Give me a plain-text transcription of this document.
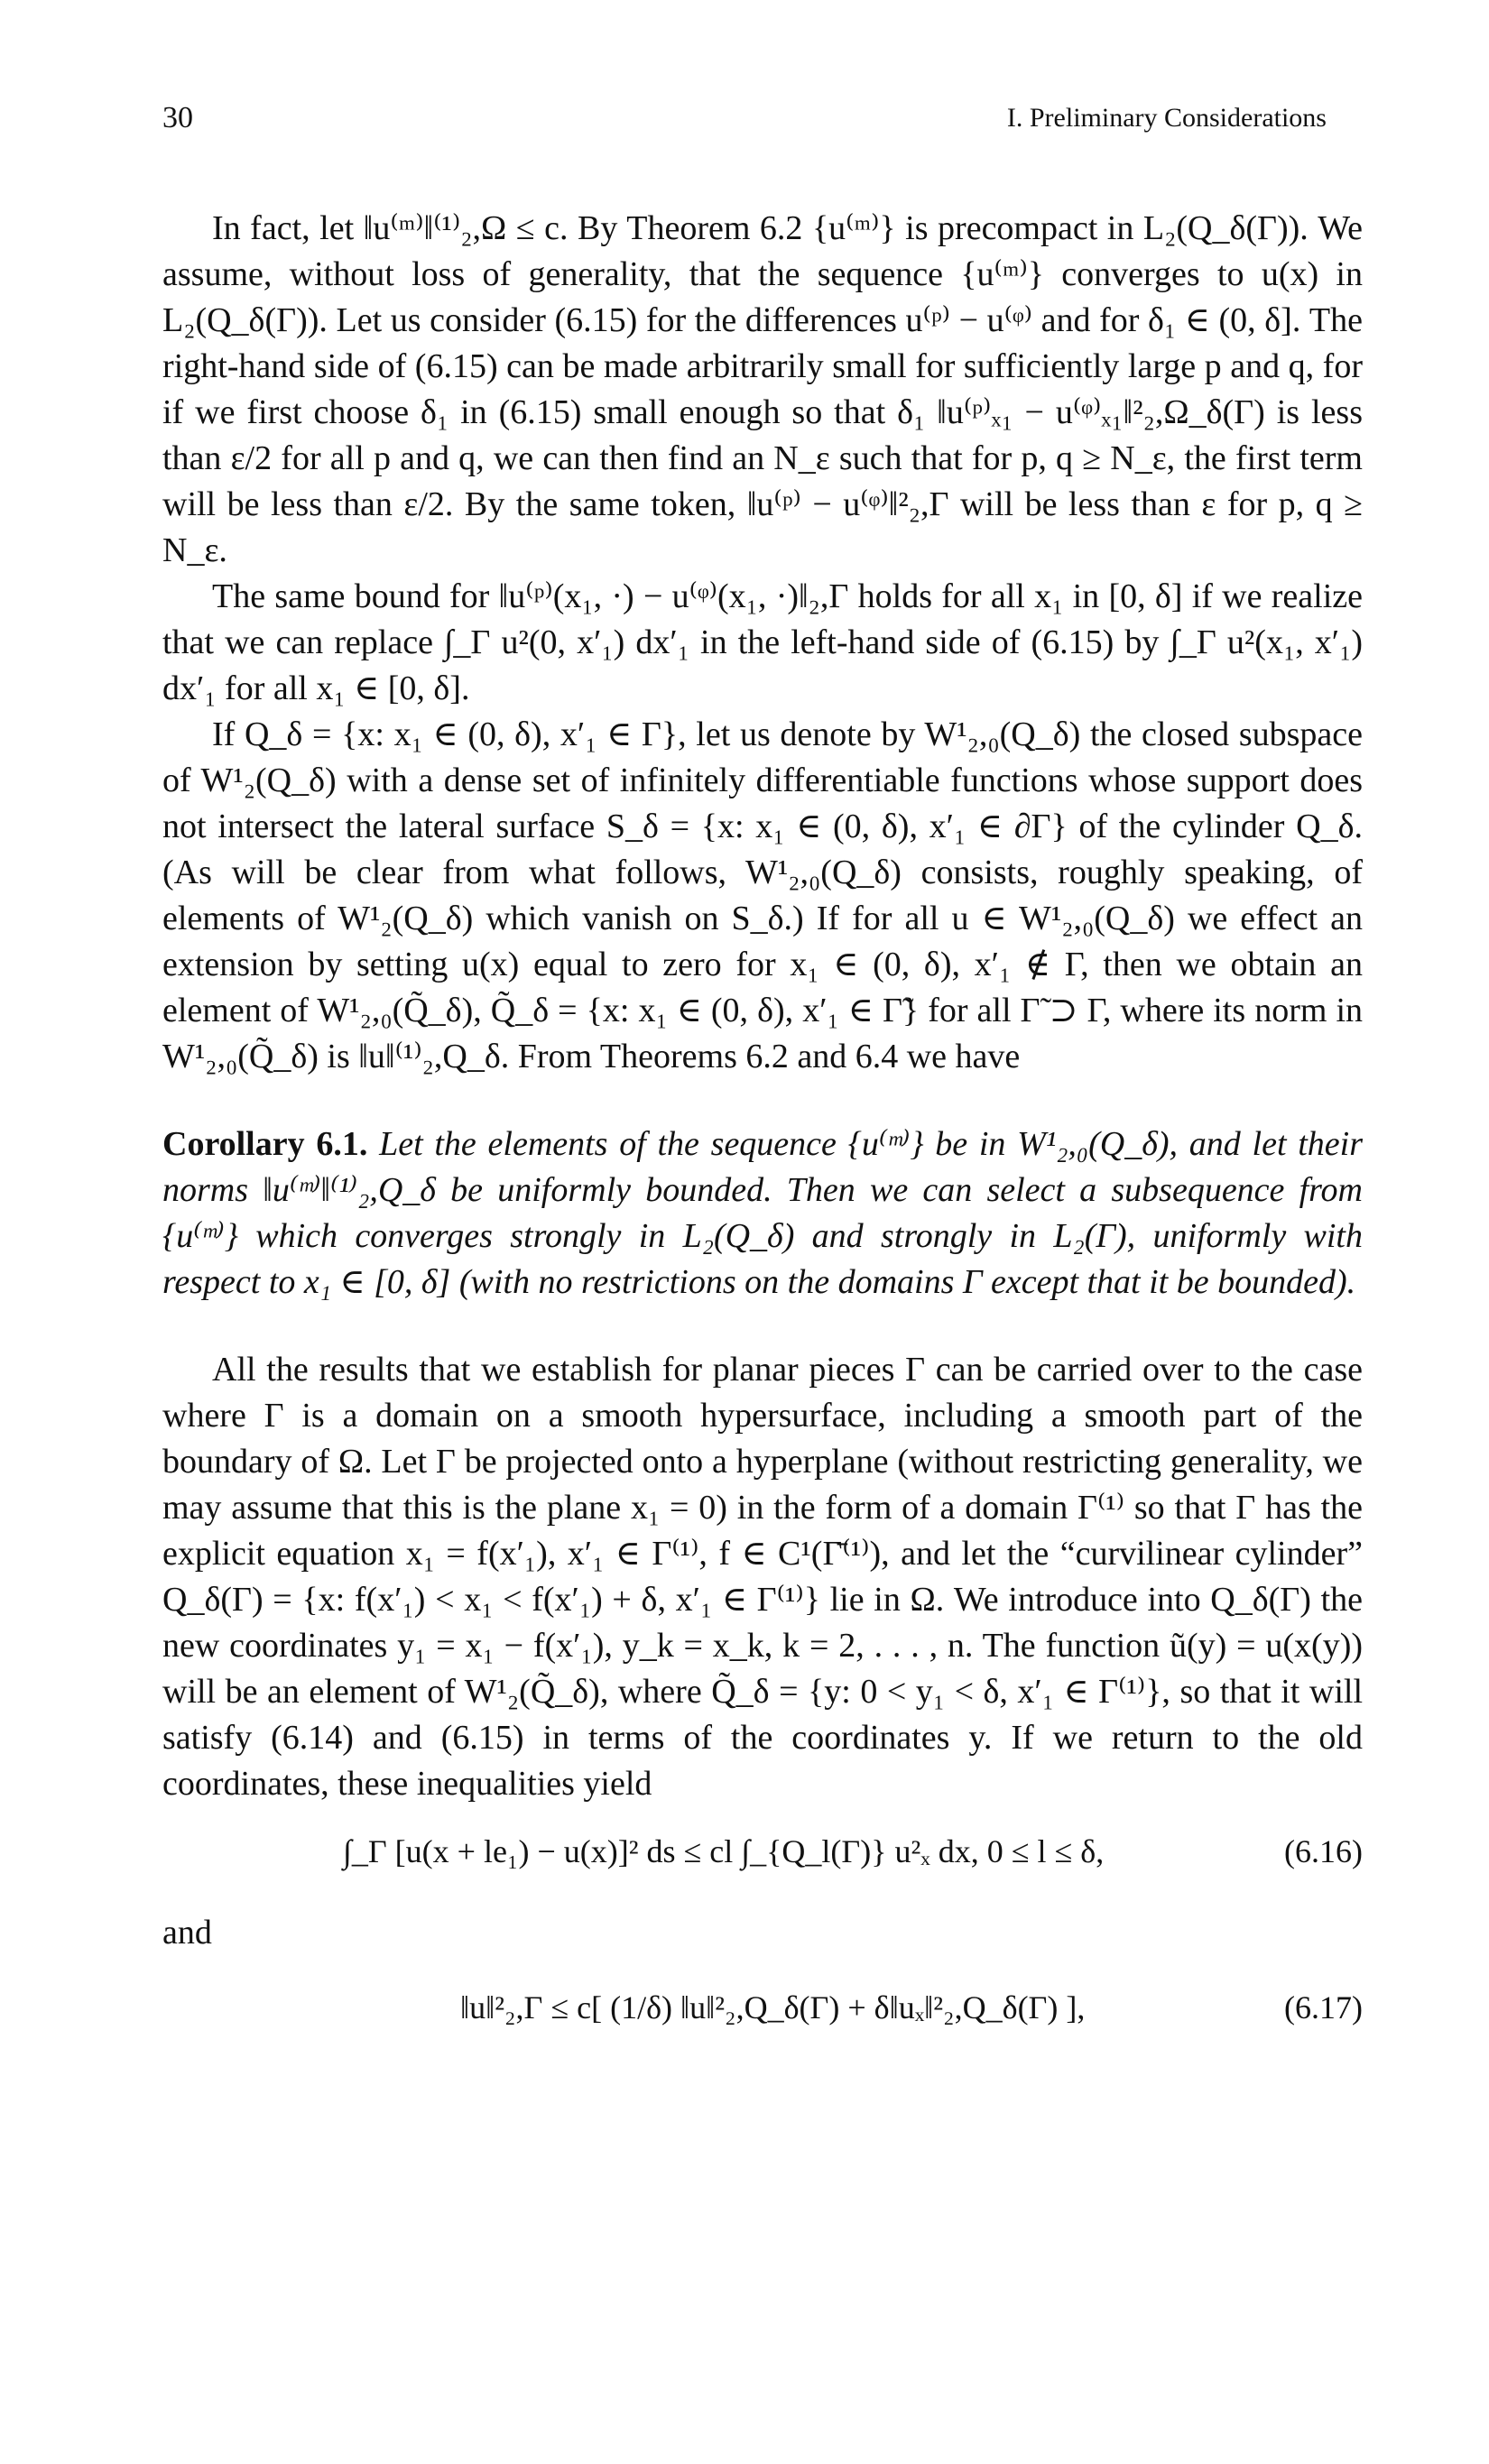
30	I. Preliminary Considerations

In fact, let ‖u⁽ᵐ⁾‖⁽¹⁾₂,Ω ≤ c. By Theorem 6.2 {u⁽ᵐ⁾} is precompact in L₂(Q_δ(Γ)). We assume, without loss of generality, that the sequence {u⁽ᵐ⁾} converges to u(x) in L₂(Q_δ(Γ)). Let us consider (6.15) for the differences u⁽ᵖ⁾ − u⁽ᵠ⁾ and for δ₁ ∈ (0, δ]. The right-hand side of (6.15) can be made arbitrarily small for sufficiently large p and q, for if we first choose δ₁ in (6.15) small enough so that δ₁ ‖u⁽ᵖ⁾ₓ₁ − u⁽ᵠ⁾ₓ₁‖²₂,Ω_δ(Γ) is less than ε/2 for all p and q, we can then find an N_ε such that for p, q ≥ N_ε, the first term will be less than ε/2. By the same token, ‖u⁽ᵖ⁾ − u⁽ᵠ⁾‖²₂,Γ will be less than ε for p, q ≥ N_ε.

The same bound for ‖u⁽ᵖ⁾(x₁, ·) − u⁽ᵠ⁾(x₁, ·)‖₂,Γ holds for all x₁ in [0, δ] if we realize that we can replace ∫_Γ u²(0, x′₁) dx′₁ in the left-hand side of (6.15) by ∫_Γ u²(x₁, x′₁) dx′₁ for all x₁ ∈ [0, δ].

If Q_δ = {x: x₁ ∈ (0, δ), x′₁ ∈ Γ}, let us denote by W¹₂,₀(Q_δ) the closed subspace of W¹₂(Q_δ) with a dense set of infinitely differentiable functions whose support does not intersect the lateral surface S_δ = {x: x₁ ∈ (0, δ), x′₁ ∈ ∂Γ} of the cylinder Q_δ. (As will be clear from what follows, W¹₂,₀(Q_δ) consists, roughly speaking, of elements of W¹₂(Q_δ) which vanish on S_δ.) If for all u ∈ W¹₂,₀(Q_δ) we effect an extension by setting u(x) equal to zero for x₁ ∈ (0, δ), x′₁ ∉ Γ, then we obtain an element of W¹₂,₀(Q̃_δ), Q̃_δ = {x: x₁ ∈ (0, δ), x′₁ ∈ Γ̃} for all Γ̃ ⊃ Γ, where its norm in W¹₂,₀(Q̃_δ) is ‖u‖⁽¹⁾₂,Q_δ. From Theorems 6.2 and 6.4 we have

Corollary 6.1. Let the elements of the sequence {u⁽ᵐ⁾} be in W¹₂,₀(Q_δ), and let their norms ‖u⁽ᵐ⁾‖⁽¹⁾₂,Q_δ be uniformly bounded. Then we can select a subsequence from {u⁽ᵐ⁾} which converges strongly in L₂(Q_δ) and strongly in L₂(Γ), uniformly with respect to x₁ ∈ [0, δ] (with no restrictions on the domains Γ except that it be bounded).

All the results that we establish for planar pieces Γ can be carried over to the case where Γ is a domain on a smooth hypersurface, including a smooth part of the boundary of Ω. Let Γ be projected onto a hyperplane (without restricting generality, we may assume that this is the plane x₁ = 0) in the form of a domain Γ⁽¹⁾ so that Γ has the explicit equation x₁ = f(x′₁), x′₁ ∈ Γ⁽¹⁾, f ∈ C¹(Γ̄⁽¹⁾), and let the “curvilinear cylinder” Q_δ(Γ) = {x: f(x′₁) < x₁ < f(x′₁) + δ, x′₁ ∈ Γ⁽¹⁾} lie in Ω. We introduce into Q_δ(Γ) the new coordinates y₁ = x₁ − f(x′₁), y_k = x_k, k = 2, . . . , n. The function ũ(y) = u(x(y)) will be an element of W¹₂(Q̃_δ), where Q̃_δ = {y: 0 < y₁ < δ, x′₁ ∈ Γ⁽¹⁾}, so that it will satisfy (6.14) and (6.15) in terms of the coordinates y. If we return to the old coordinates, these inequalities yield

∫_Γ [u(x + le₁) − u(x)]² ds ≤ cl ∫_{Q_l(Γ)} u²ₓ dx, 0 ≤ l ≤ δ,	(6.16)

and

‖u‖²₂,Γ ≤ c[ (1/δ) ‖u‖²₂,Q_δ(Γ) + δ‖uₓ‖²₂,Q_δ(Γ) ],	(6.17)
